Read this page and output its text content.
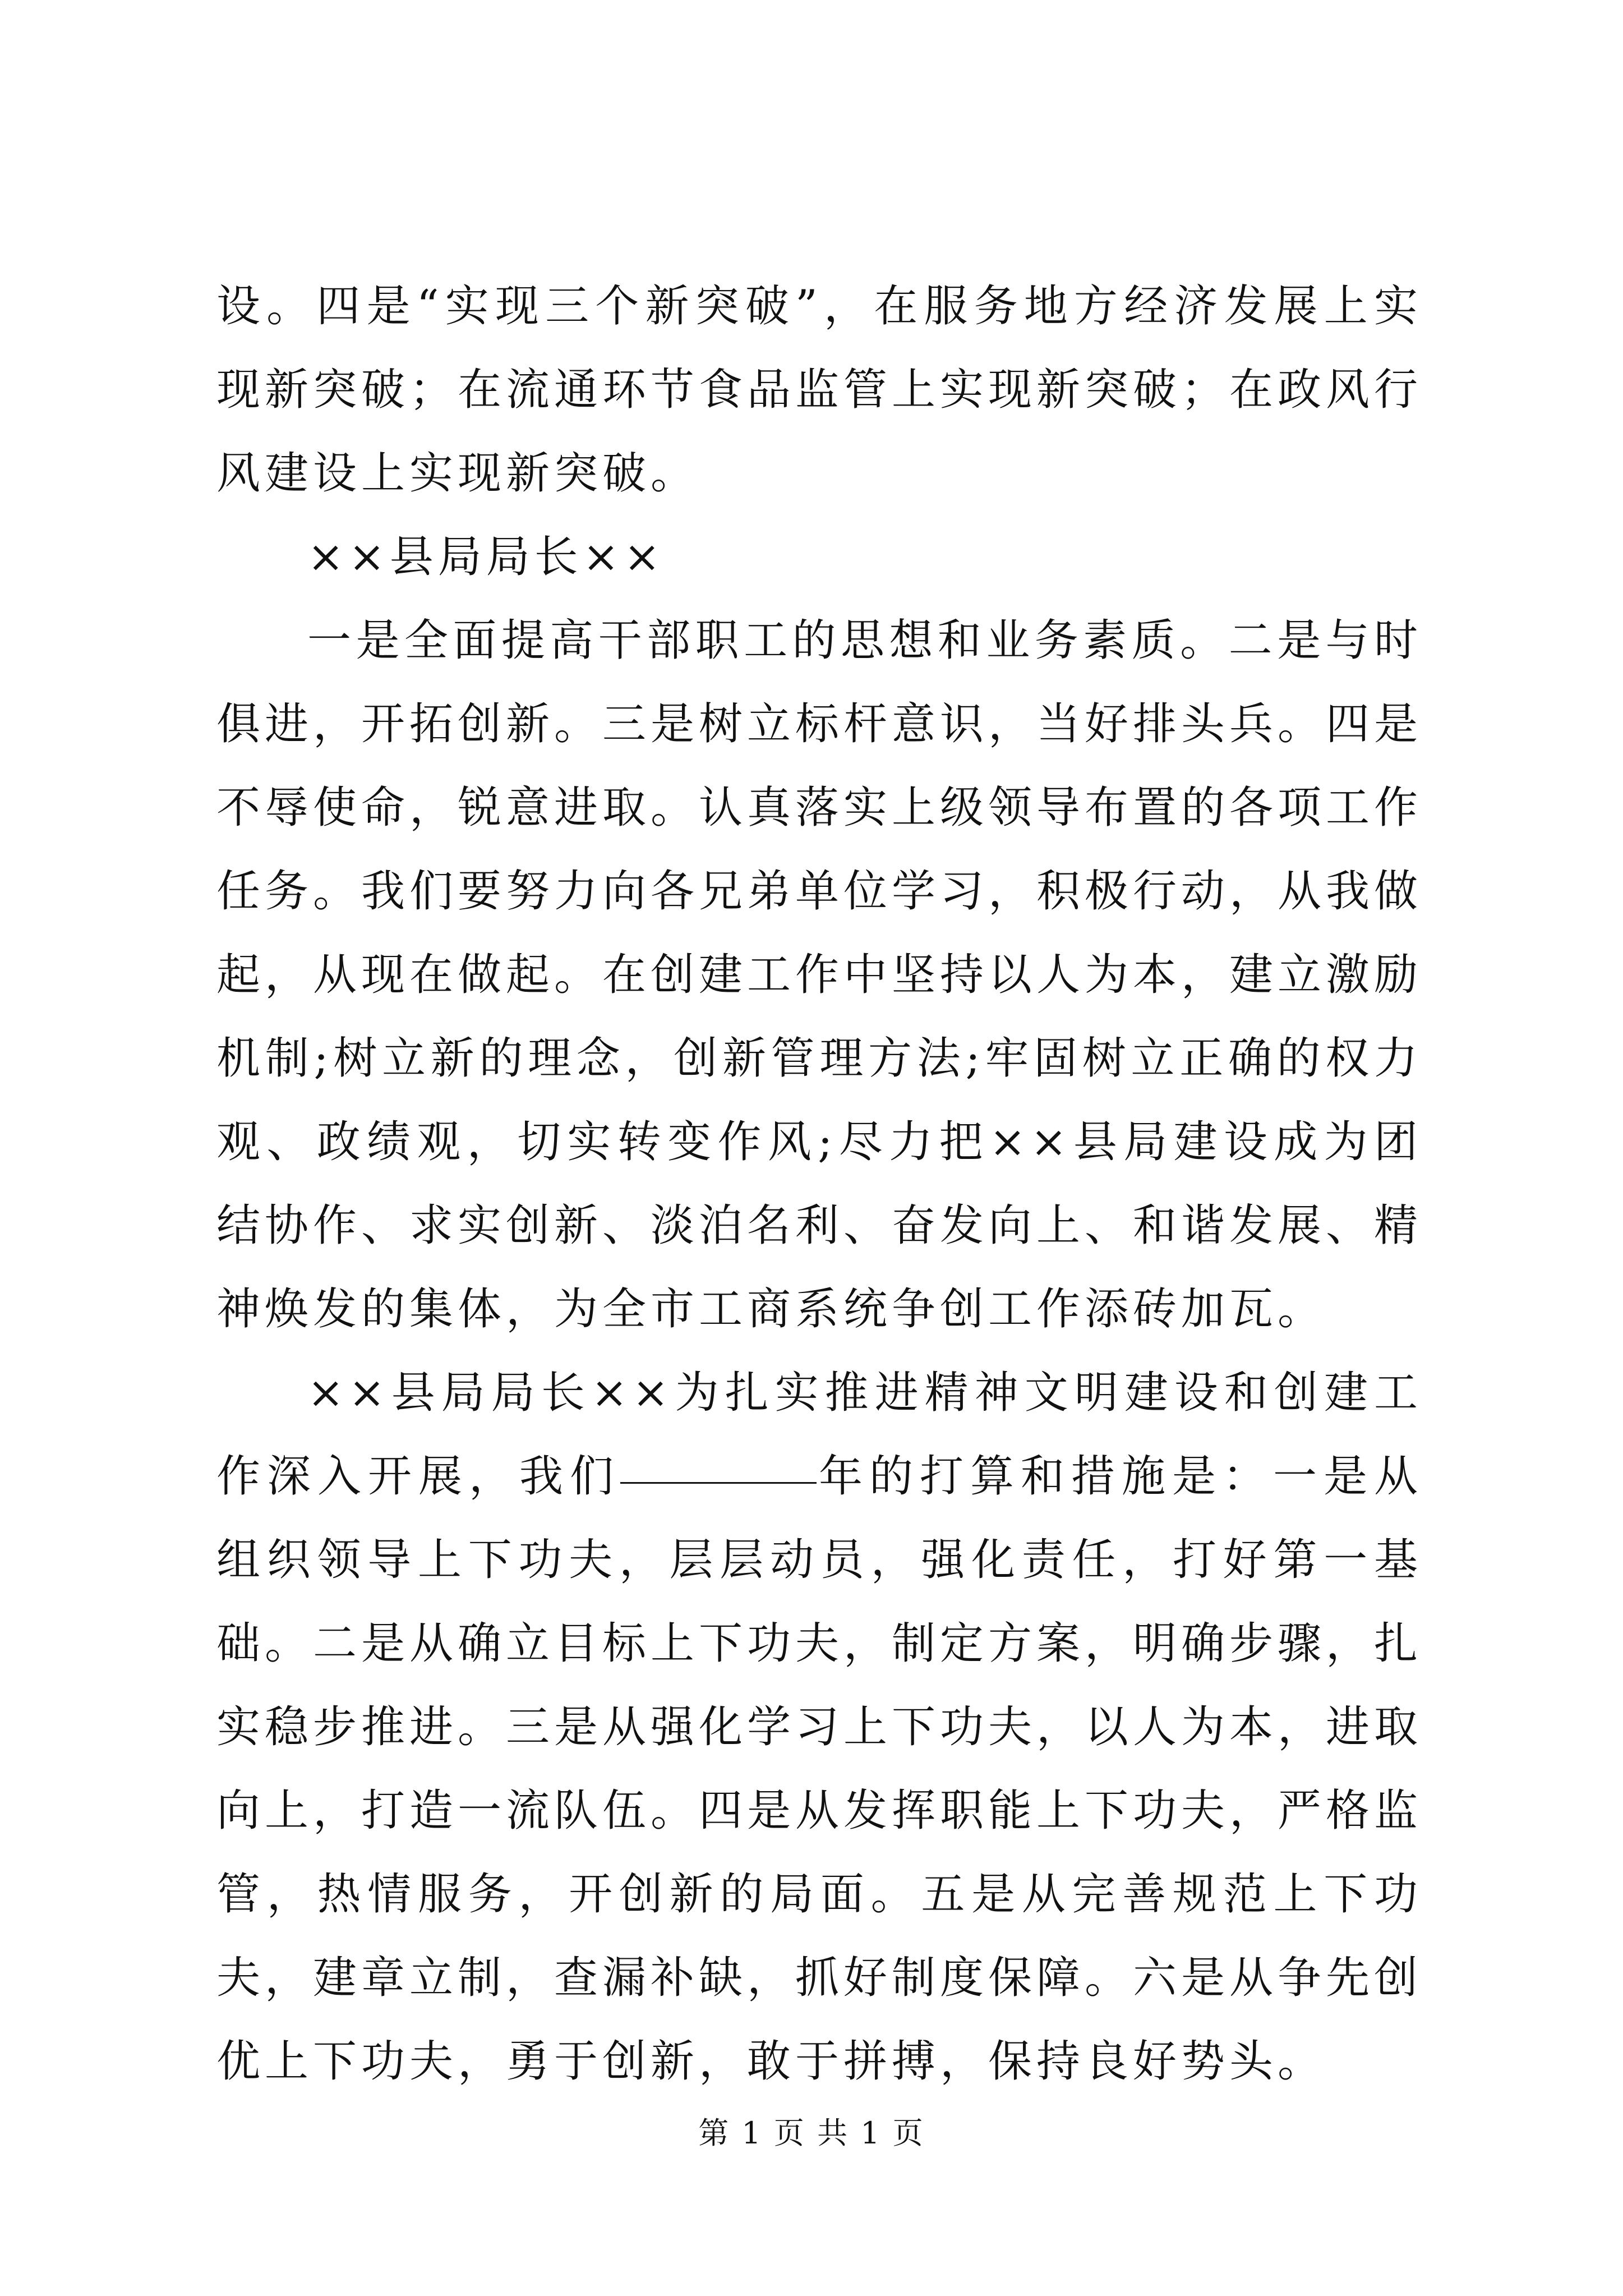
设。四是“实现三个新突破”，在服务地方经济发展上实现新突破；在流通环节食品监管上实现新突破；在政风行风建设上实现新突破。

××县局局长××

一是全面提高干部职工的思想和业务素质。二是与时俱进，开拓创新。三是树立标杆意识，当好排头兵。四是不辱使命，锐意进取。认真落实上级领导布置的各项工作任务。我们要努力向各兄弟单位学习，积极行动，从我做起，从现在做起。在创建工作中坚持以人为本，建立激励机制;树立新的理念，创新管理方法;牢固树立正确的权力观、政绩观，切实转变作风;尽力把××县局建设成为团结协作、求实创新、淡泊名利、奋发向上、和谐发展、精神焕发的集体，为全市工商系统争创工作添砖加瓦。

××县局局长××为扎实推进精神文明建设和创建工作深入开展，我们	年的打算和措施是：一是从组织领导上下功夫，层层动员，强化责任，打好第一基础。二是从确立目标上下功夫，制定方案，明确步骤，扎实稳步推进。三是从强化学习上下功夫，以人为本，进取向上，打造一流队伍。四是从发挥职能上下功夫，严格监管，热情服务，开创新的局面。五是从完善规范上下功夫，建章立制，查漏补缺，抓好制度保障。六是从争先创优上下功夫，勇于创新，敢于拼搏，保持良好势头。

第 1 页 共 1 页
